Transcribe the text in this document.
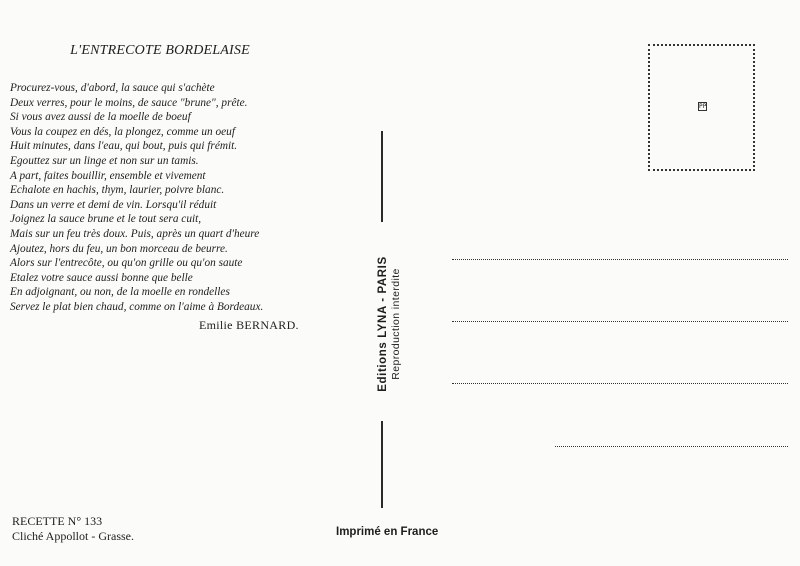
L'ENTRECOTE BORDELAISE
Procurez-vous, d'abord, la sauce qui s'achète
Deux verres, pour le moins, de sauce "brune", prête.
Si vous avez aussi de la moelle de boeuf
Vous la coupez en dés, la plongez, comme un oeuf
Huit minutes, dans l'eau, qui bout, puis qui frémit.
Egouttez sur un linge et non sur un tamis.
A part, faites bouillir, ensemble et vivement
Echalote en hachis, thym, laurier, poivre blanc.
Dans un verre et demi de vin. Lorsqu'il réduit
Joignez la sauce brune et le tout sera cuit,
Mais sur un feu très doux. Puis, après un quart d'heure
Ajoutez, hors du feu, un bon morceau de beurre.
Alors sur l'entrecôte, ou qu'on grille ou qu'on saute
Etalez votre sauce aussi bonne que belle
En adjoignant, ou non, de la moelle en rondelles
Servez le plat bien chaud, comme on l'aime à Bordeaux.
Emilie BERNARD.
RECETTE N° 133
Cliché Appollot - Grasse.	Imprimé en France
Editions LYNA - PARIS Reproduction interdite
PP
